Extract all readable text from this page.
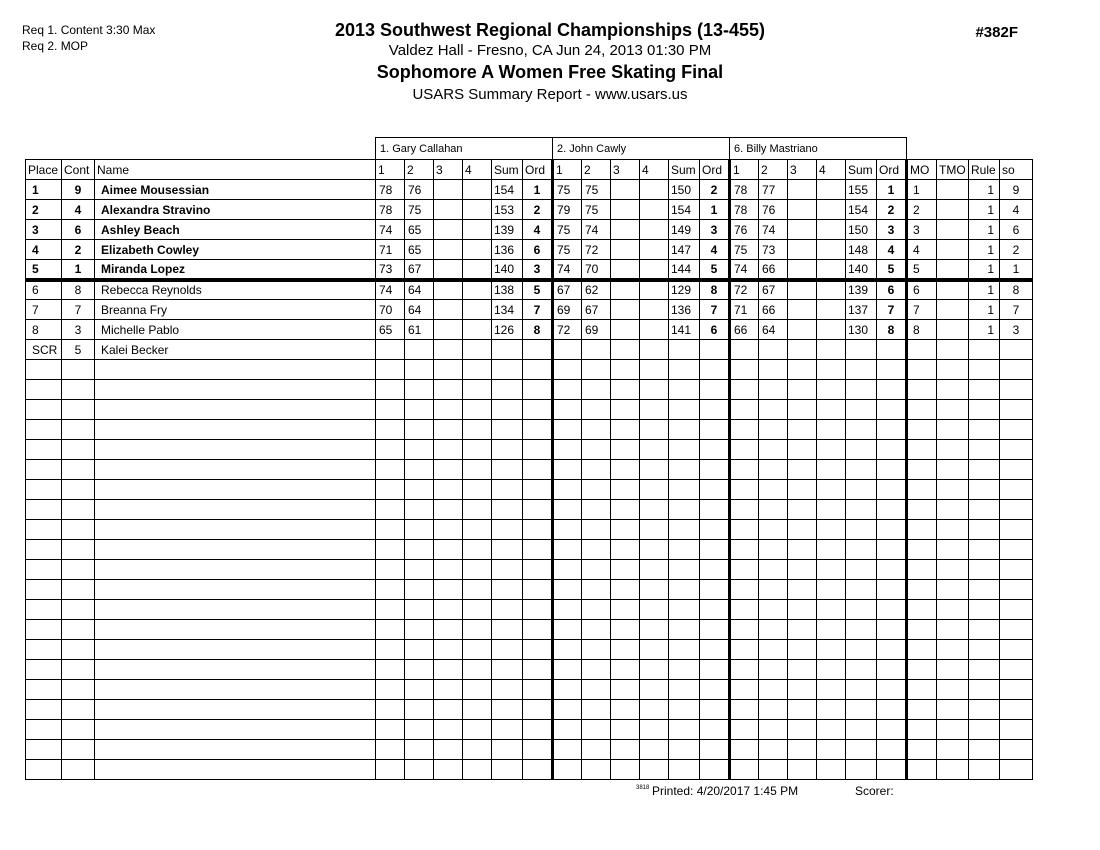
Req 1. Content 3:30 Max
Req 2. MOP
#382F
2013 Southwest Regional Championships (13-455)
Valdez Hall - Fresno, CA Jun 24, 2013 01:30 PM
Sophomore A Women Free Skating Final
USARS Summary Report - www.usars.us
			1. Gary Callahan						2. John Cawly						6. Billy Mastriano									
Place	Cont	Name	1	2	3	4	Sum	Ord	1	2	3	4	Sum	Ord	1	2	3	4	Sum	Ord	MO	TMO	Rule	so
1	9	Aimee Mousessian	78	76			154	1	75	75			150	2	78	77			155	1	1		1	9
2	4	Alexandra Stravino	78	75			153	2	79	75			154	1	78	76			154	2	2		1	4
3	6	Ashley Beach	74	65			139	4	75	74			149	3	76	74			150	3	3		1	6
4	2	Elizabeth Cowley	71	65			136	6	75	72			147	4	75	73			148	4	4		1	2
5	1	Miranda Lopez	73	67			140	3	74	70			144	5	74	66			140	5	5		1	1
6	8	Rebecca Reynolds	74	64			138	5	67	62			129	8	72	67			139	6	6		1	8
7	7	Breanna Fry	70	64			134	7	69	67			136	7	71	66			137	7	7		1	7
8	3	Michelle Pablo	65	61			126	8	72	69			141	6	66	64			130	8	8		1	3
SCR	5	Kalei Becker																						

3818 Printed: 4/20/2017 1:45 PM	Scorer:
